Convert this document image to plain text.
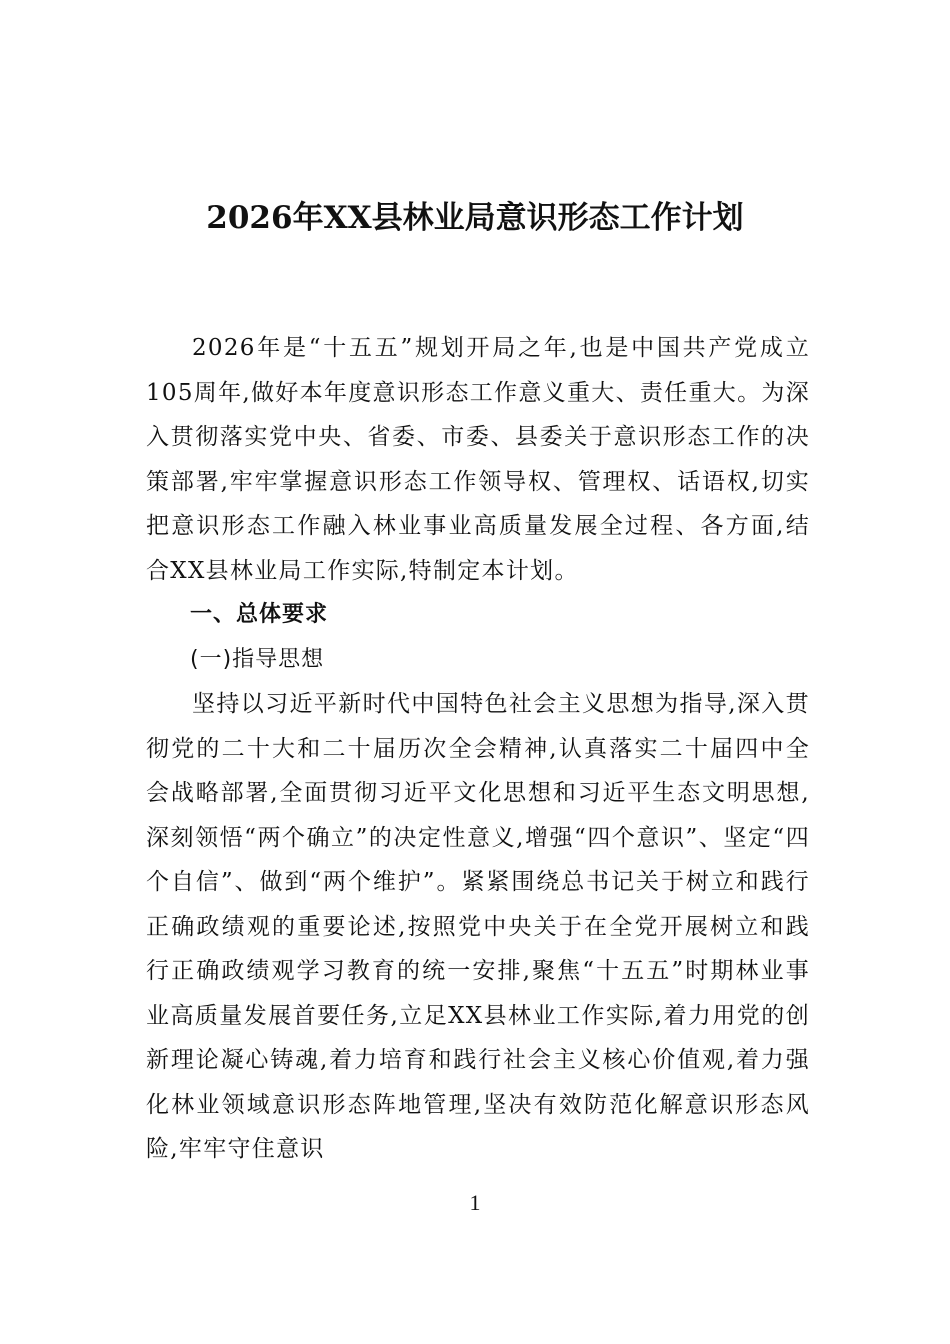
2026年XX县林业局意识形态工作计划

2026年是“十五五”规划开局之年,也是中国共产党成立105周年,做好本年度意识形态工作意义重大、责任重大。为深入贯彻落实党中央、省委、市委、县委关于意识形态工作的决策部署,牢牢掌握意识形态工作领导权、管理权、话语权,切实把意识形态工作融入林业事业高质量发展全过程、各方面,结合XX县林业局工作实际,特制定本计划。

一、总体要求

(一)指导思想

坚持以习近平新时代中国特色社会主义思想为指导,深入贯彻党的二十大和二十届历次全会精神,认真落实二十届四中全会战略部署,全面贯彻习近平文化思想和习近平生态文明思想,深刻领悟“两个确立”的决定性意义,增强“四个意识”、坚定“四个自信”、做到“两个维护”。紧紧围绕总书记关于树立和践行正确政绩观的重要论述,按照党中央关于在全党开展树立和践行正确政绩观学习教育的统一安排,聚焦“十五五”时期林业事业高质量发展首要任务,立足XX县林业工作实际,着力用党的创新理论凝心铸魂,着力培育和践行社会主义核心价值观,着力强化林业领域意识形态阵地管理,坚决有效防范化解意识形态风险,牢牢守住意识

1
